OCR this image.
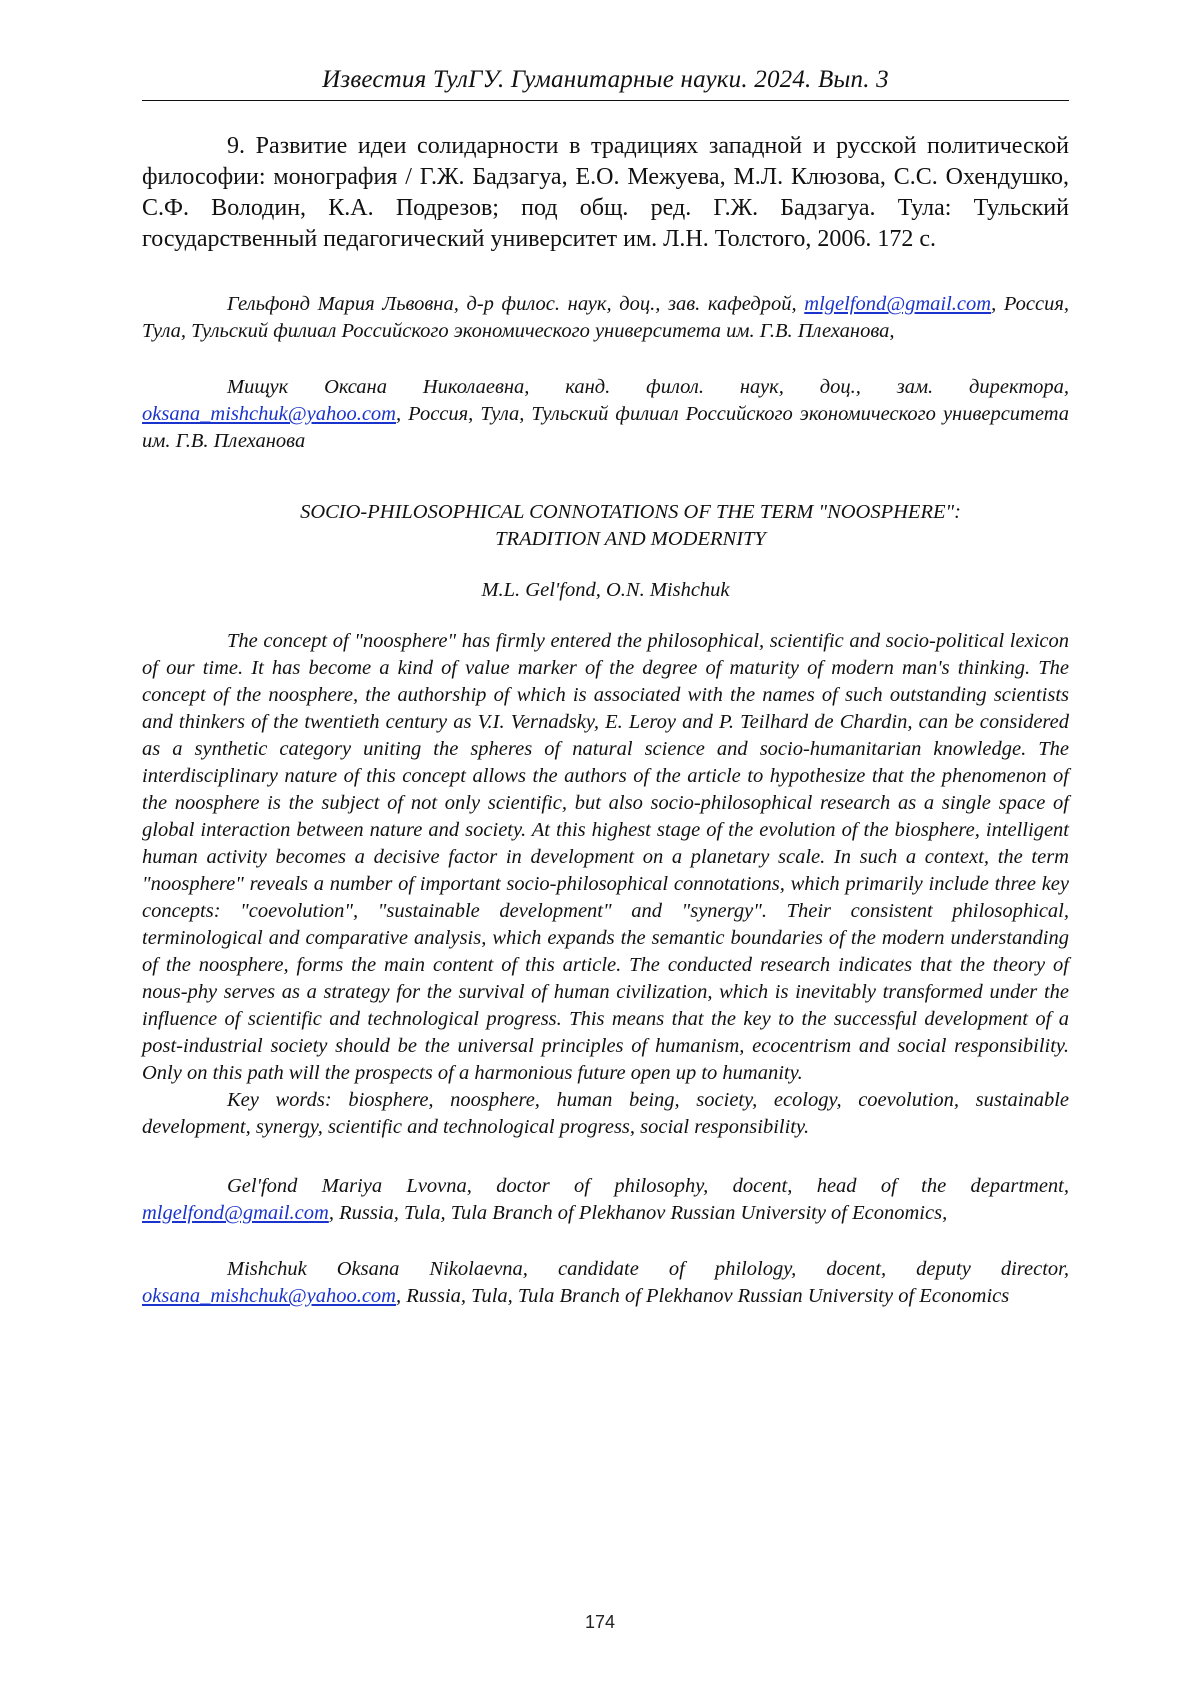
Известия ТулГУ. Гуманитарные науки. 2024. Вып. 3

9. Развитие идеи солидарности в традициях западной и русской политической философии: монография / Г.Ж. Бадзагуа, Е.О. Межуева, М.Л. Клюзова, С.С. Охендушко, С.Ф. Володин, К.А. Подрезов; под общ. ред. Г.Ж. Бадзагуа. Тула: Тульский государственный педагогический университет им. Л.Н. Толстого, 2006. 172 с.

Гельфонд Мария Львовна, д-р филос. наук, доц., зав. кафедрой, mlgelfond@gmail.com, Россия, Тула, Тульский филиал Российского экономического университета им. Г.В. Плеханова,

Мищук Оксана Николаевна, канд. филол. наук, доц., зам. директора, oksana_mishchuk@yahoo.com, Россия, Тула, Тульский филиал Российского экономического университета им. Г.В. Плеханова

SOCIO-PHILOSOPHICAL CONNOTATIONS OF THE TERM "NOOSPHERE":
TRADITION AND MODERNITY
M.L. Gel'fond, O.N. Mishchuk

The concept of "noosphere" has firmly entered the philosophical, scientific and socio-political lexicon of our time. It has become a kind of value marker of the degree of maturity of modern man's thinking. The concept of the noosphere, the authorship of which is associated with the names of such outstanding scientists and thinkers of the twentieth century as V.I. Vernadsky, E. Leroy and P. Teilhard de Chardin, can be considered as a synthetic category uniting the spheres of natural science and socio-humanitarian knowledge. The interdisciplinary nature of this concept allows the authors of the article to hypothesize that the phenomenon of the noosphere is the subject of not only scientific, but also socio-philosophical research as a single space of global interaction between nature and society. At this highest stage of the evolution of the biosphere, intelligent human activity becomes a decisive factor in development on a planetary scale. In such a context, the term "noosphere" reveals a number of important socio-philosophical connotations, which primarily include three key concepts: "coevolution", "sustainable development" and "synergy". Their consistent philosophical, terminological and comparative analysis, which expands the semantic boundaries of the modern understanding of the noosphere, forms the main content of this article. The conducted research indicates that the theory of nous-phy serves as a strategy for the survival of human civilization, which is inevitably transformed under the influence of scientific and technological progress. This means that the key to the successful development of a post-industrial society should be the universal principles of humanism, ecocentrism and social responsibility. Only on this path will the prospects of a harmonious future open up to humanity.

Key words: biosphere, noosphere, human being, society, ecology, coevolution, sustainable development, synergy, scientific and technological progress, social responsibility.

Gel'fond Mariya Lvovna, doctor of philosophy, docent, head of the department, mlgelfond@gmail.com, Russia, Tula, Tula Branch of Plekhanov Russian University of Economics,

Mishchuk Oksana Nikolaevna, candidate of philology, docent, deputy director, oksana_mishchuk@yahoo.com, Russia, Tula, Tula Branch of Plekhanov Russian University of Economics

174
